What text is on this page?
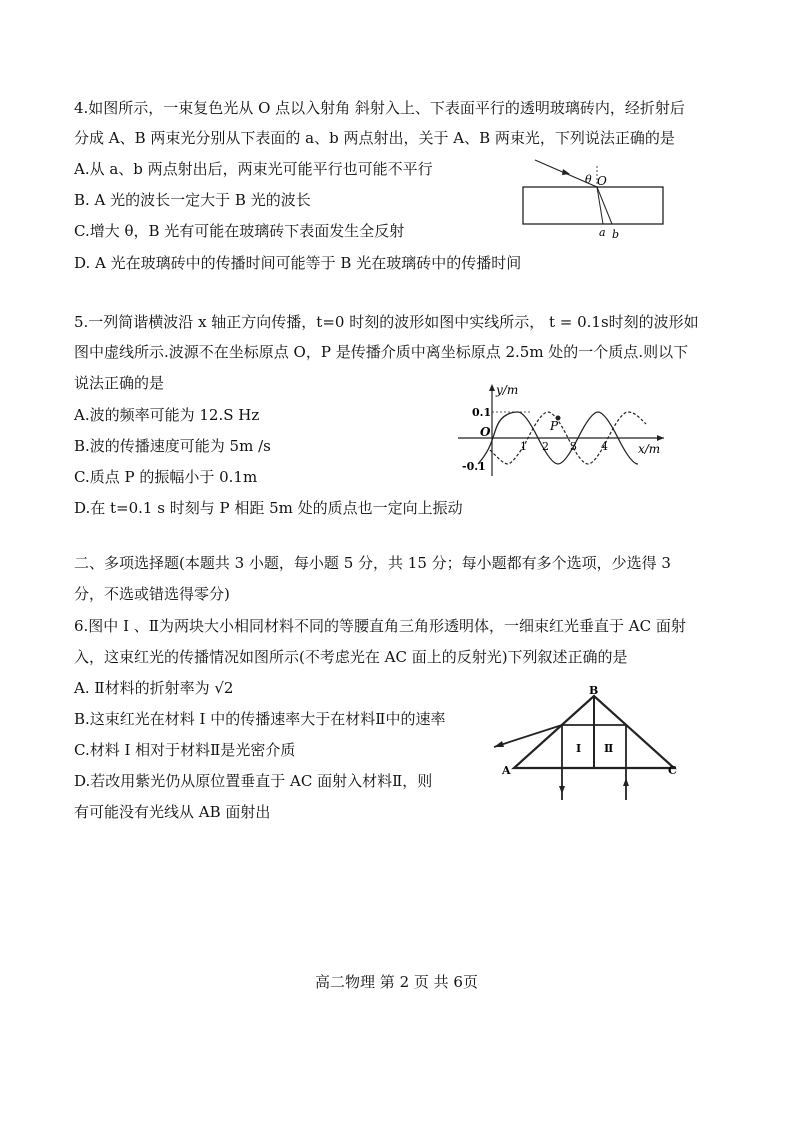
4.如图所示，一束复色光从 O 点以入射角 斜射入上、下表面平行的透明玻璃砖内，经折射后
分成 A、B 两束光分别从下表面的 a、b 两点射出，关于 A、B 两束光，下列说法正确的是
A.从 a、b 两点射出后，两束光可能平行也可能不平行
B. A 光的波长一定大于 B 光的波长
C.增大 θ，B 光有可能在玻璃砖下表面发生全反射
D. A 光在玻璃砖中的传播时间可能等于 B 光在玻璃砖中的传播时间
θ O
a b
5.一列简谐横波沿 x 轴正方向传播，t=0 时刻的波形如图中实线所示， t = 0.1s时刻的波形如
图中虚线所示.波源不在坐标原点 O，P 是传播介质中离坐标原点 2.5m 处的一个质点.则以下
说法正确的是
A.波的频率可能为 12.S Hz
B.波的传播速度可能为 5m /s
C.质点 P 的振幅小于 0.1m
D.在 t=0.1 s 时刻与 P 相距 5m 处的质点也一定向上振动
y/m
x/m
O
0.1
-0.1
1 2 3 4
P
二、多项选择题(本题共 3 小题，每小题 5 分，共 15 分；每小题都有多个选项，少选得 3
分，不选或错选得零分)
6.图中 Ⅰ 、Ⅱ为两块大小相同材料不同的等腰直角三角形透明体，一细束红光垂直于 AC 面射
入，这束红光的传播情况如图所示(不考虑光在 AC 面上的反射光)下列叙述正确的是
A. Ⅱ材料的折射率为 √2
B.这束红光在材料 Ⅰ 中的传播速率大于在材料Ⅱ中的速率
C.材料 Ⅰ 相对于材料Ⅱ是光密介质
D.若改用紫光仍从原位置垂直于 AC 面射入材料Ⅱ，则
有可能没有光线从 AB 面射出
B
A	C
Ⅰ Ⅱ
高二物理 第 2 页 共 6页
